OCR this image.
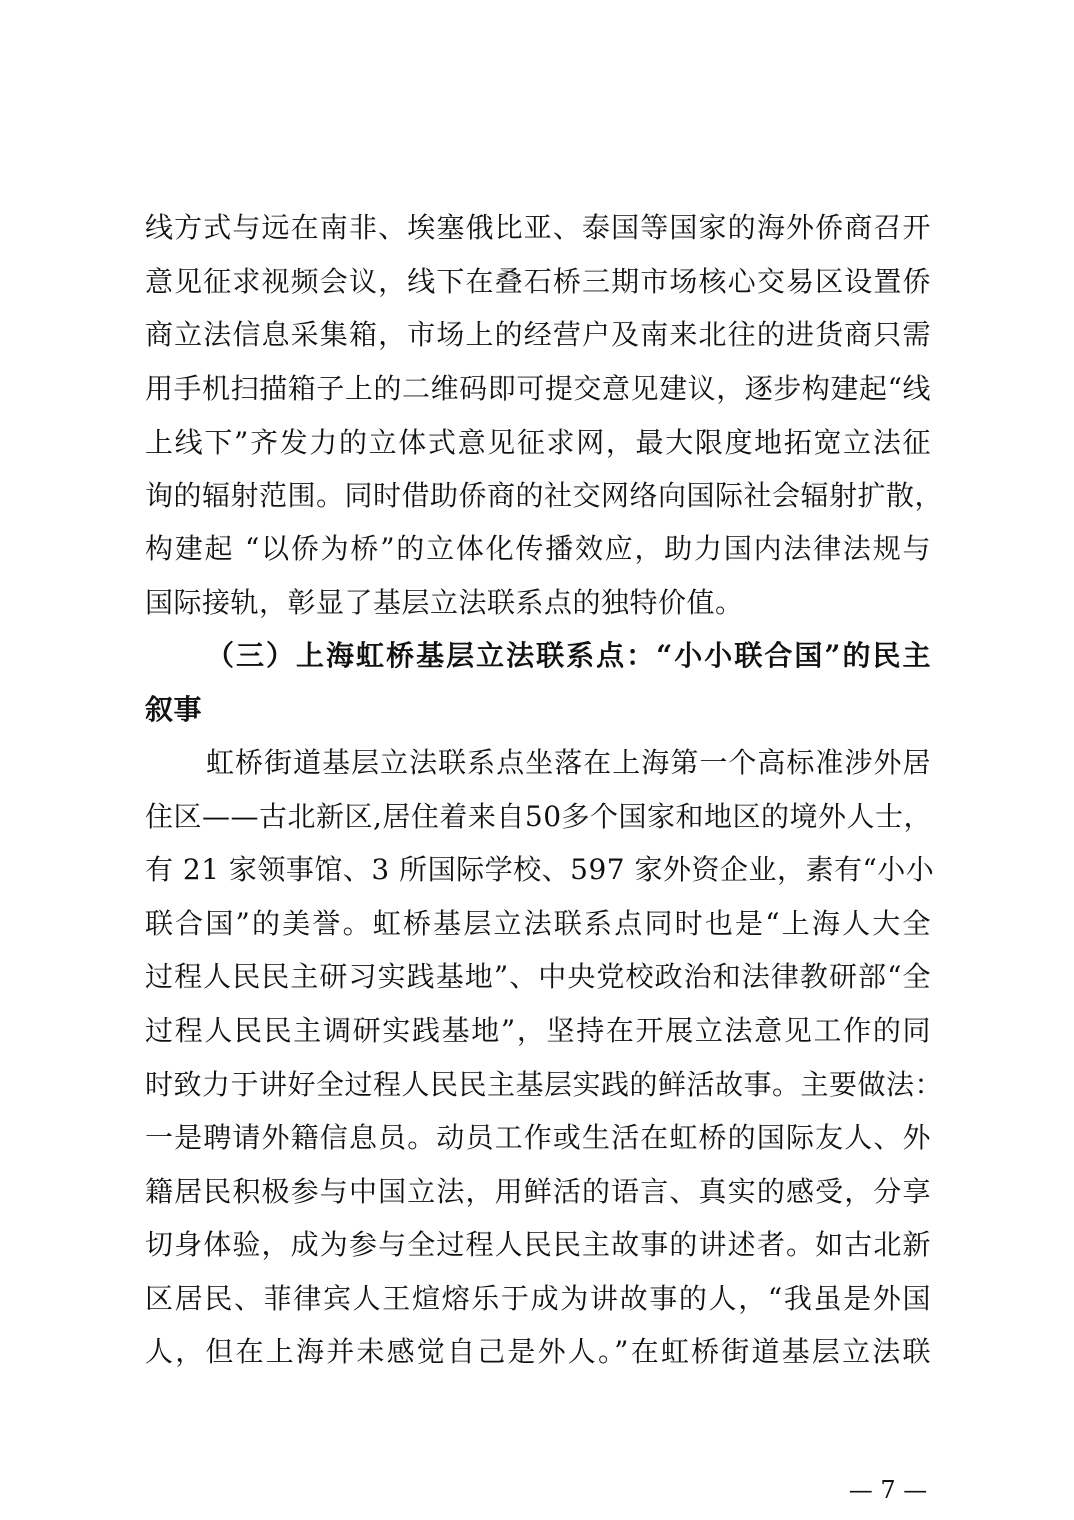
线方式与远在南非、埃塞俄比亚、泰国等国家的海外侨商召开
意见征求视频会议，线下在叠石桥三期市场核心交易区设置侨
商立法信息采集箱，市场上的经营户及南来北往的进货商只需
用手机扫描箱子上的二维码即可提交意见建议，逐步构建起“线
上线下”齐发力的立体式意见征求网，最大限度地拓宽立法征
询的辐射范围。同时借助侨商的社交网络向国际社会辐射扩散，
构建起 “以侨为桥”的立体化传播效应，助力国内法律法规与
国际接轨，彰显了基层立法联系点的独特价值。
（三）上海虹桥基层立法联系点：“小小联合国”的民主
叙事
虹桥街道基层立法联系点坐落在上海第一个高标准涉外居
住区——古北新区,居住着来自50多个国家和地区的境外人士，
有 21 家领事馆、3 所国际学校、597 家外资企业，素有“小小
联合国”的美誉。虹桥基层立法联系点同时也是“上海人大全
过程人民民主研习实践基地”、中央党校政治和法律教研部“全
过程人民民主调研实践基地”，坚持在开展立法意见工作的同
时致力于讲好全过程人民民主基层实践的鲜活故事。主要做法：
一是聘请外籍信息员。动员工作或生活在虹桥的国际友人、外
籍居民积极参与中国立法，用鲜活的语言、真实的感受，分享
切身体验，成为参与全过程人民民主故事的讲述者。如古北新
区居民、菲律宾人王煊熔乐于成为讲故事的人，“我虽是外国
人，但在上海并未感觉自己是外人。”在虹桥街道基层立法联
— 7 —
